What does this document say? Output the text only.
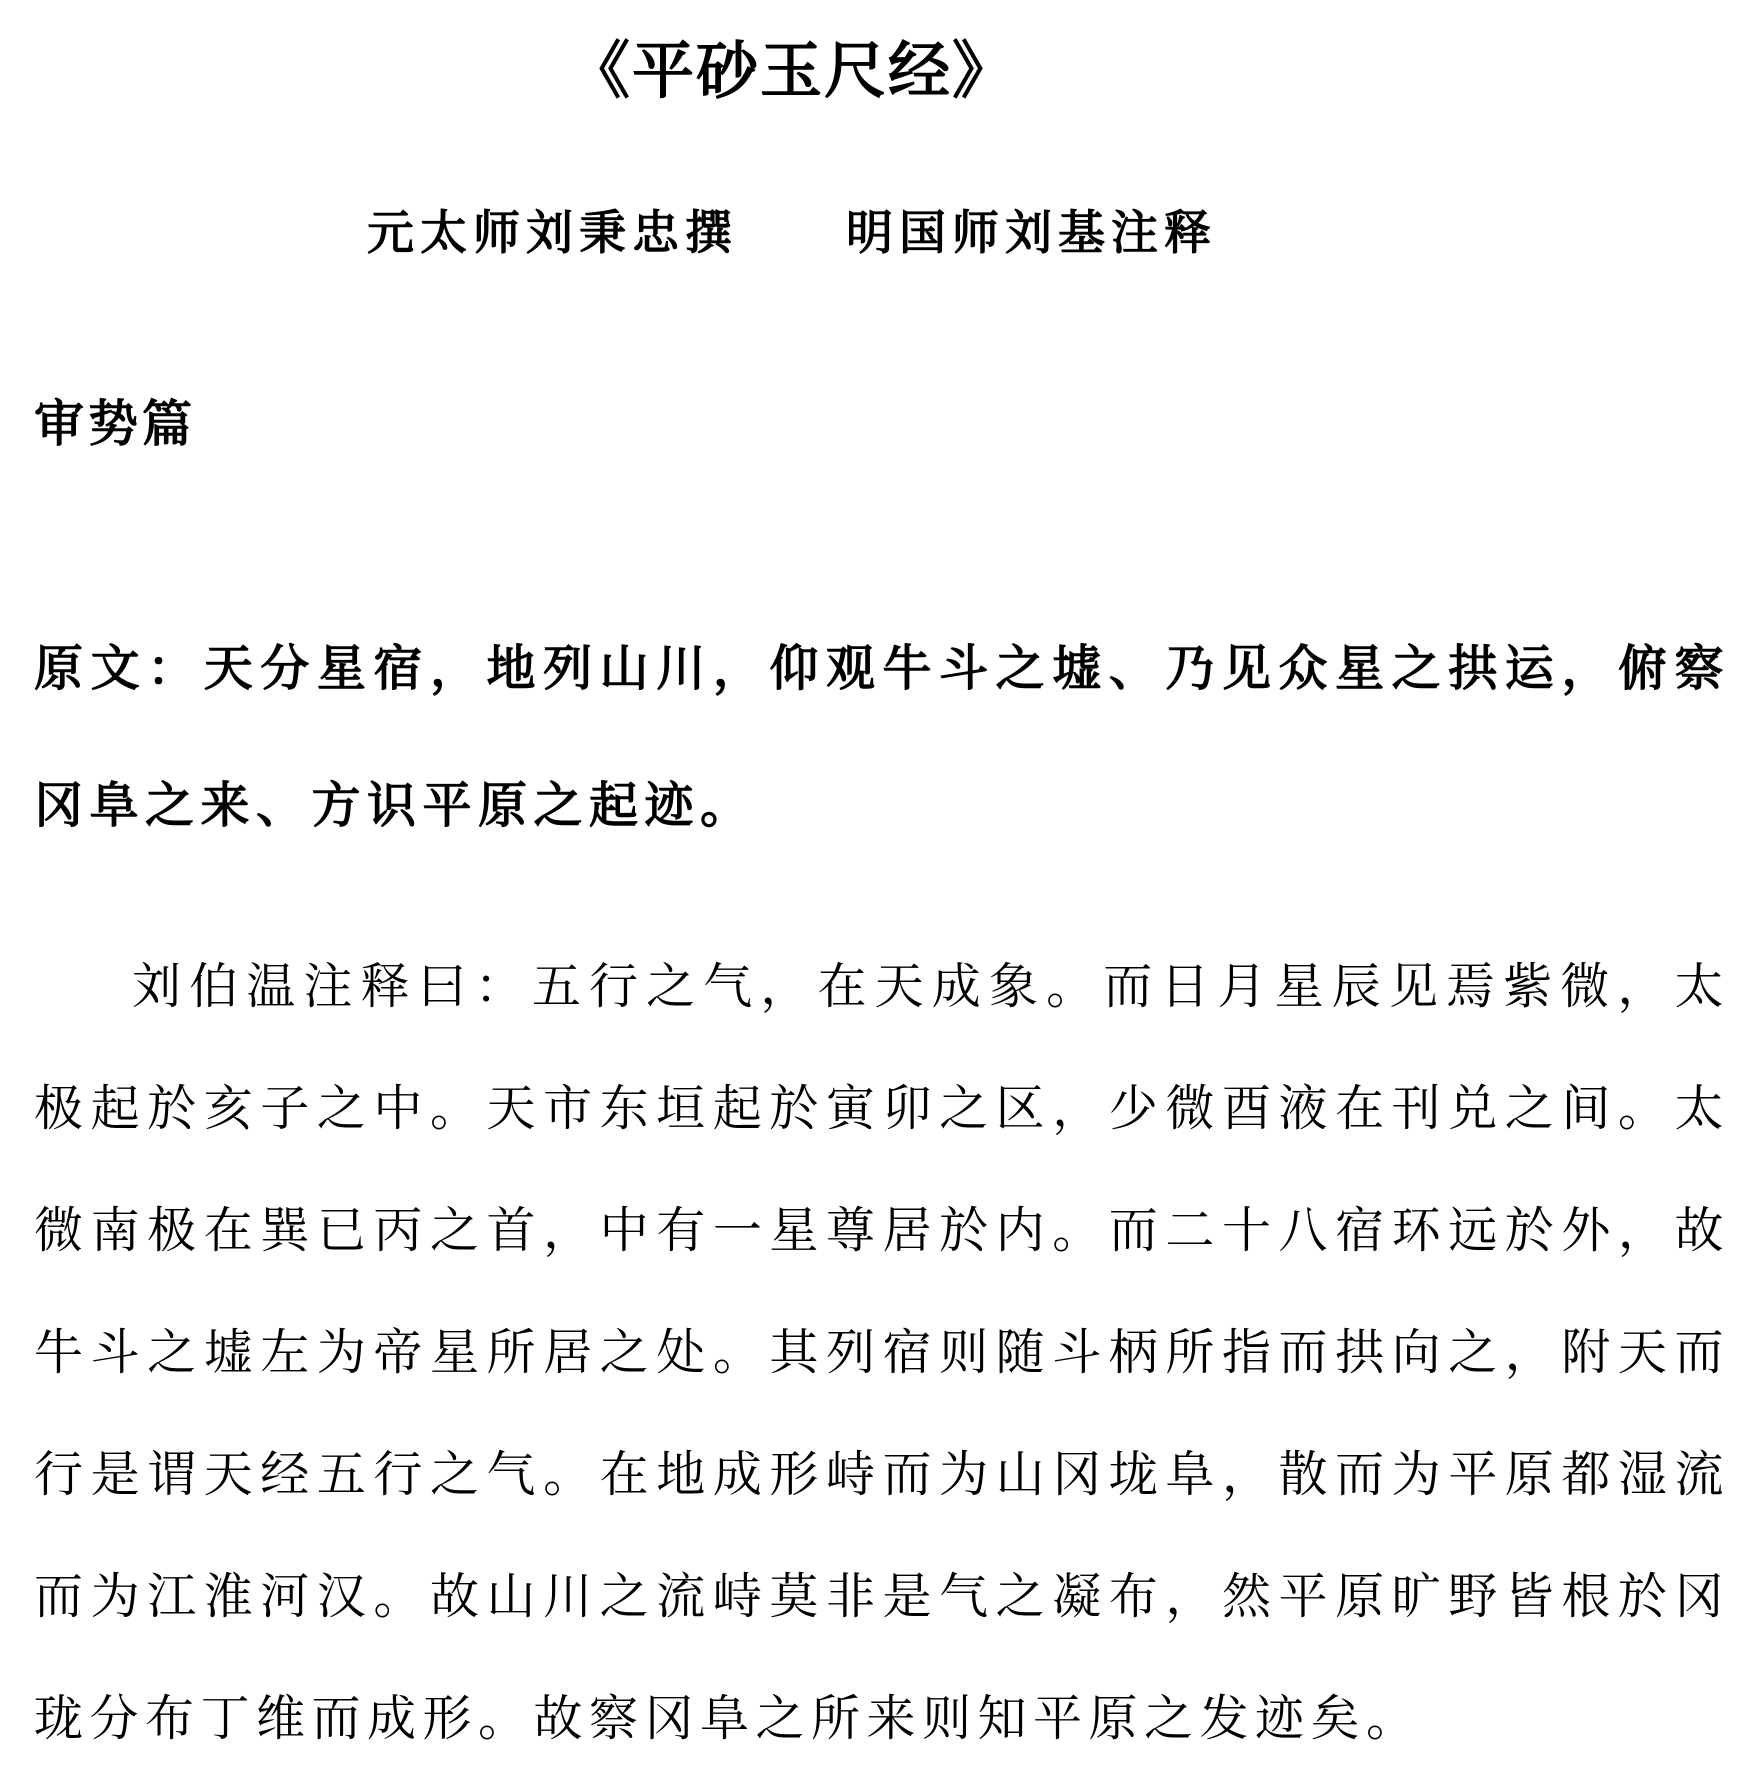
《平砂玉尺经》
元太师刘秉忠撰 明国师刘基注释
审势篇

原文：天分星宿，地列山川，仰观牛斗之墟、乃见众星之拱运，俯察冈阜之来、方识平原之起迹。

刘伯温注释曰：五行之气，在天成象。而日月星辰见焉紫微，太极起於亥子之中。天市东垣起於寅卯之区，少微酉液在刊兑之间。太微南极在巽已丙之首，中有一星尊居於内。而二十八宿环远於外，故牛斗之墟左为帝星所居之处。其列宿则随斗柄所指而拱向之，附天而行是谓天经五行之气。在地成形峙而为山冈垅阜，散而为平原都湿流而为江淮河汉。故山川之流峙莫非是气之凝布，然平原旷野皆根於冈珑分布丁维而成形。故察冈阜之所来则知平原之发迹矣。
